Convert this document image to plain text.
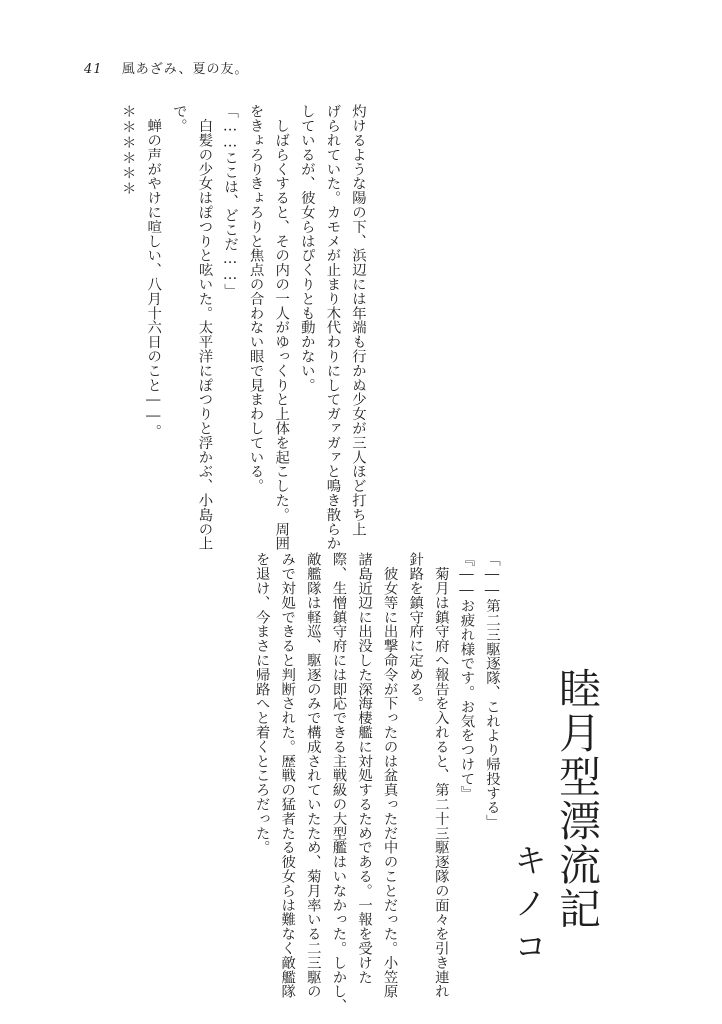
41 風あざみ、夏の友。

灼けるような陽の下、浜辺には年端も行かぬ少女が三人ほど打ち上

げられていた。カモメが止まり木代わりにしてガァガァと鳴き散らか

しているが、彼女らはぴくりとも動かない。

　しばらくすると、その内の一人がゆっくりと上体を起こした。周囲

をきょろりきょろりと焦点の合わない眼で見まわしている。

「……ここは、どこだ……」

　白髪の少女はぽつりと呟いた。太平洋にぽつりと浮かぶ、小島の上

で。

　蝉の声がやけに喧しい、八月十六日のこと――。

＊＊＊＊＊＊

睦月型漂流記
キノコ

「――第二三駆逐隊、これより帰投する」

『――お疲れ様です。お気をつけて』

　菊月は鎮守府へ報告を入れると、第二十三駆逐隊の面々を引き連れ

針路を鎮守府に定める。

　彼女等に出撃命令が下ったのは盆真っただ中のことだった。小笠原

諸島近辺に出没した深海棲艦に対処するためである。一報を受けた

際、生憎鎮守府には即応できる主戦級の大型艦はいなかった。しかし、

敵艦隊は軽巡、駆逐のみで構成されていたため、菊月率いる二三駆の

みで対処できると判断された。歴戦の猛者たる彼女らは難なく敵艦隊

を退け、今まさに帰路へと着くところだった。
